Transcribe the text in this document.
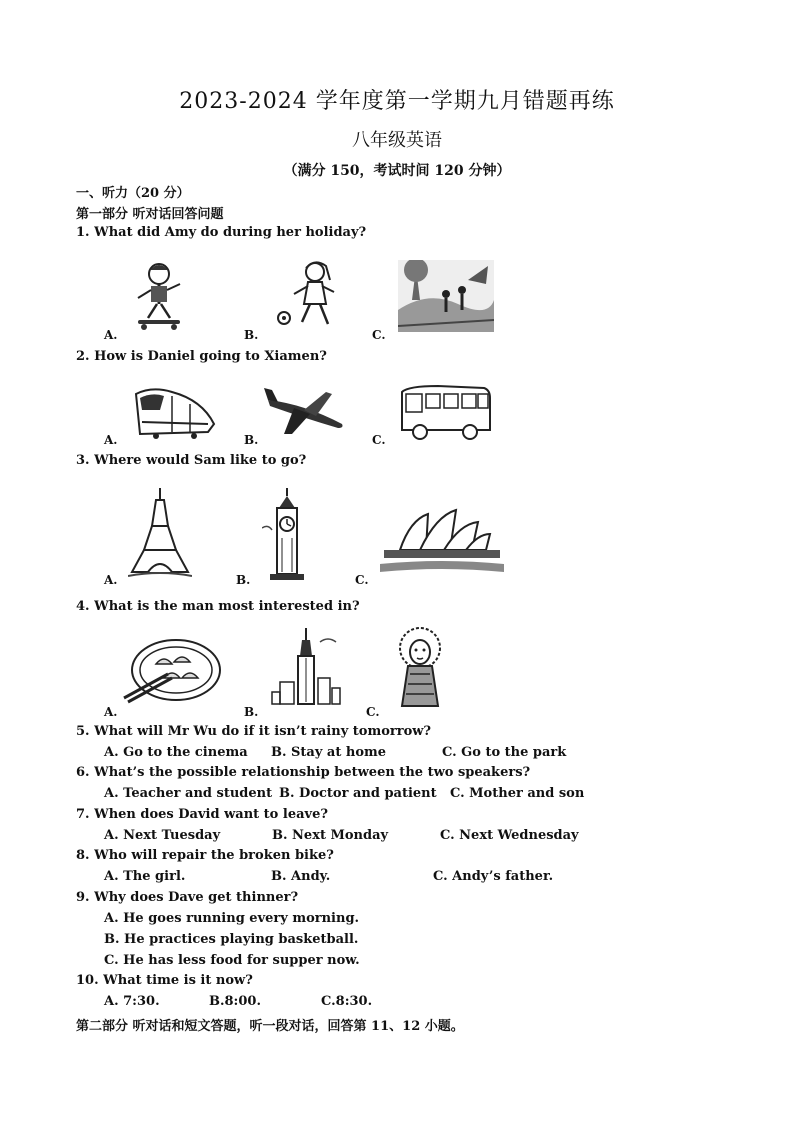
2023-2024 学年度第一学期九月错题再练
八年级英语
（满分 150，考试时间 120 分钟）
一、听力（20 分）
第一部分 听对话回答问题
1. What did Amy do during her holiday?
A.	B.	C.
2. How is Daniel going to Xiamen?
A.	B.	C.
3. Where would Sam like to go?
A.	B.	C.
4. What is the man most interested in?
A.	B.	C.
5. What will Mr Wu do if it isn’t rainy tomorrow?
A. Go to the cinema B. Stay at home	C. Go to the park
6. What’s the possible relationship between the two speakers?
A. Teacher and student B. Doctor and patient C. Mother and son
7. When does David want to leave?
A. Next Tuesday	B. Next Monday	C. Next Wednesday
8. Who will repair the broken bike?
A. The girl.	B. Andy.	C. Andy’s father.
9. Why does Dave get thinner?
A. He goes running every morning.
B. He practices playing basketball.
C. He has less food for supper now.
10. What time is it now?
A. 7:30.	B.8:00.	C.8:30.
第二部分 听对话和短文答题，听一段对话，回答第 11、12 小题。
